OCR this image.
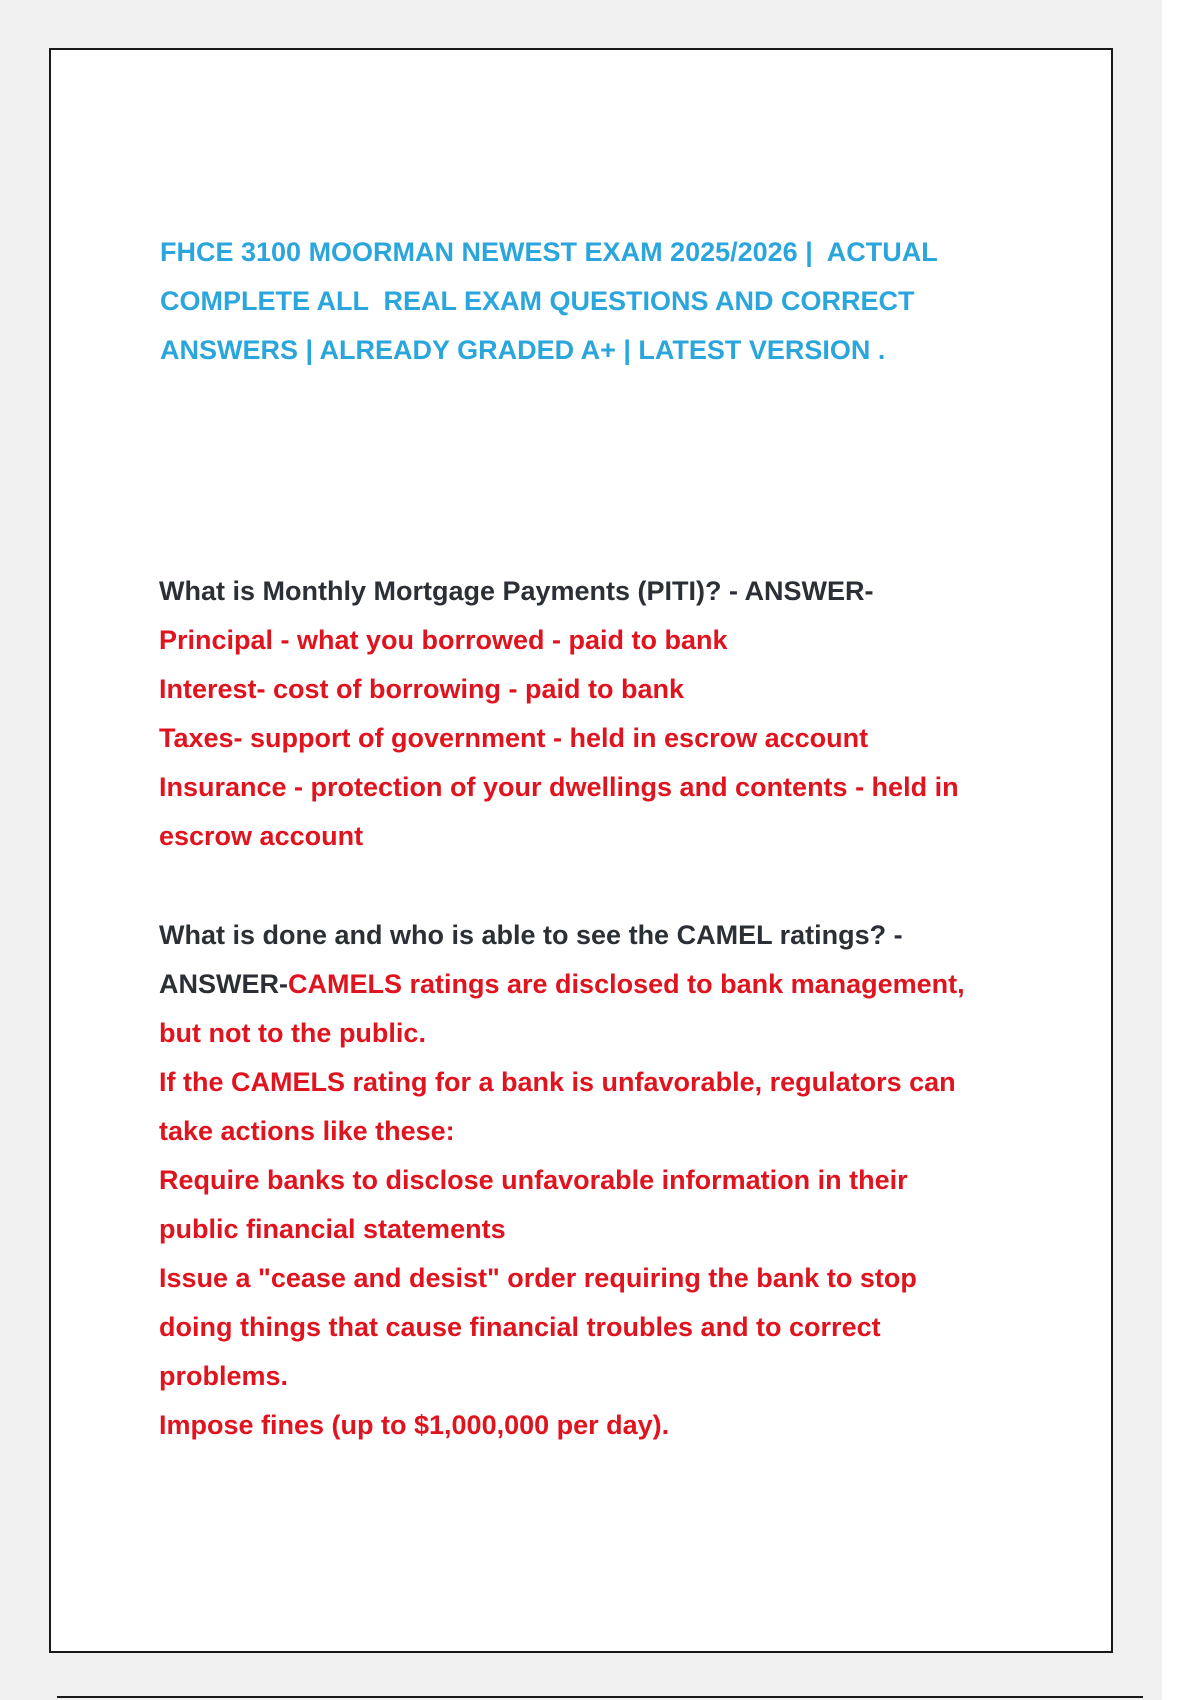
FHCE 3100 MOORMAN NEWEST EXAM 2025/2026 |  ACTUAL
COMPLETE ALL  REAL EXAM QUESTIONS AND CORRECT
ANSWERS | ALREADY GRADED A+ | LATEST VERSION .
What is Monthly Mortgage Payments (PITI)? - ANSWER-
Principal - what you borrowed - paid to bank
Interest- cost of borrowing - paid to bank
Taxes- support of government - held in escrow account
Insurance - protection of your dwellings and contents - held in
escrow account
What is done and who is able to see the CAMEL ratings? -
ANSWER-CAMELS ratings are disclosed to bank management,
but not to the public.
If the CAMELS rating for a bank is unfavorable, regulators can
take actions like these:
Require banks to disclose unfavorable information in their
public financial statements
Issue a "cease and desist" order requiring the bank to stop
doing things that cause financial troubles and to correct
problems.
Impose fines (up to $1,000,000 per day).
